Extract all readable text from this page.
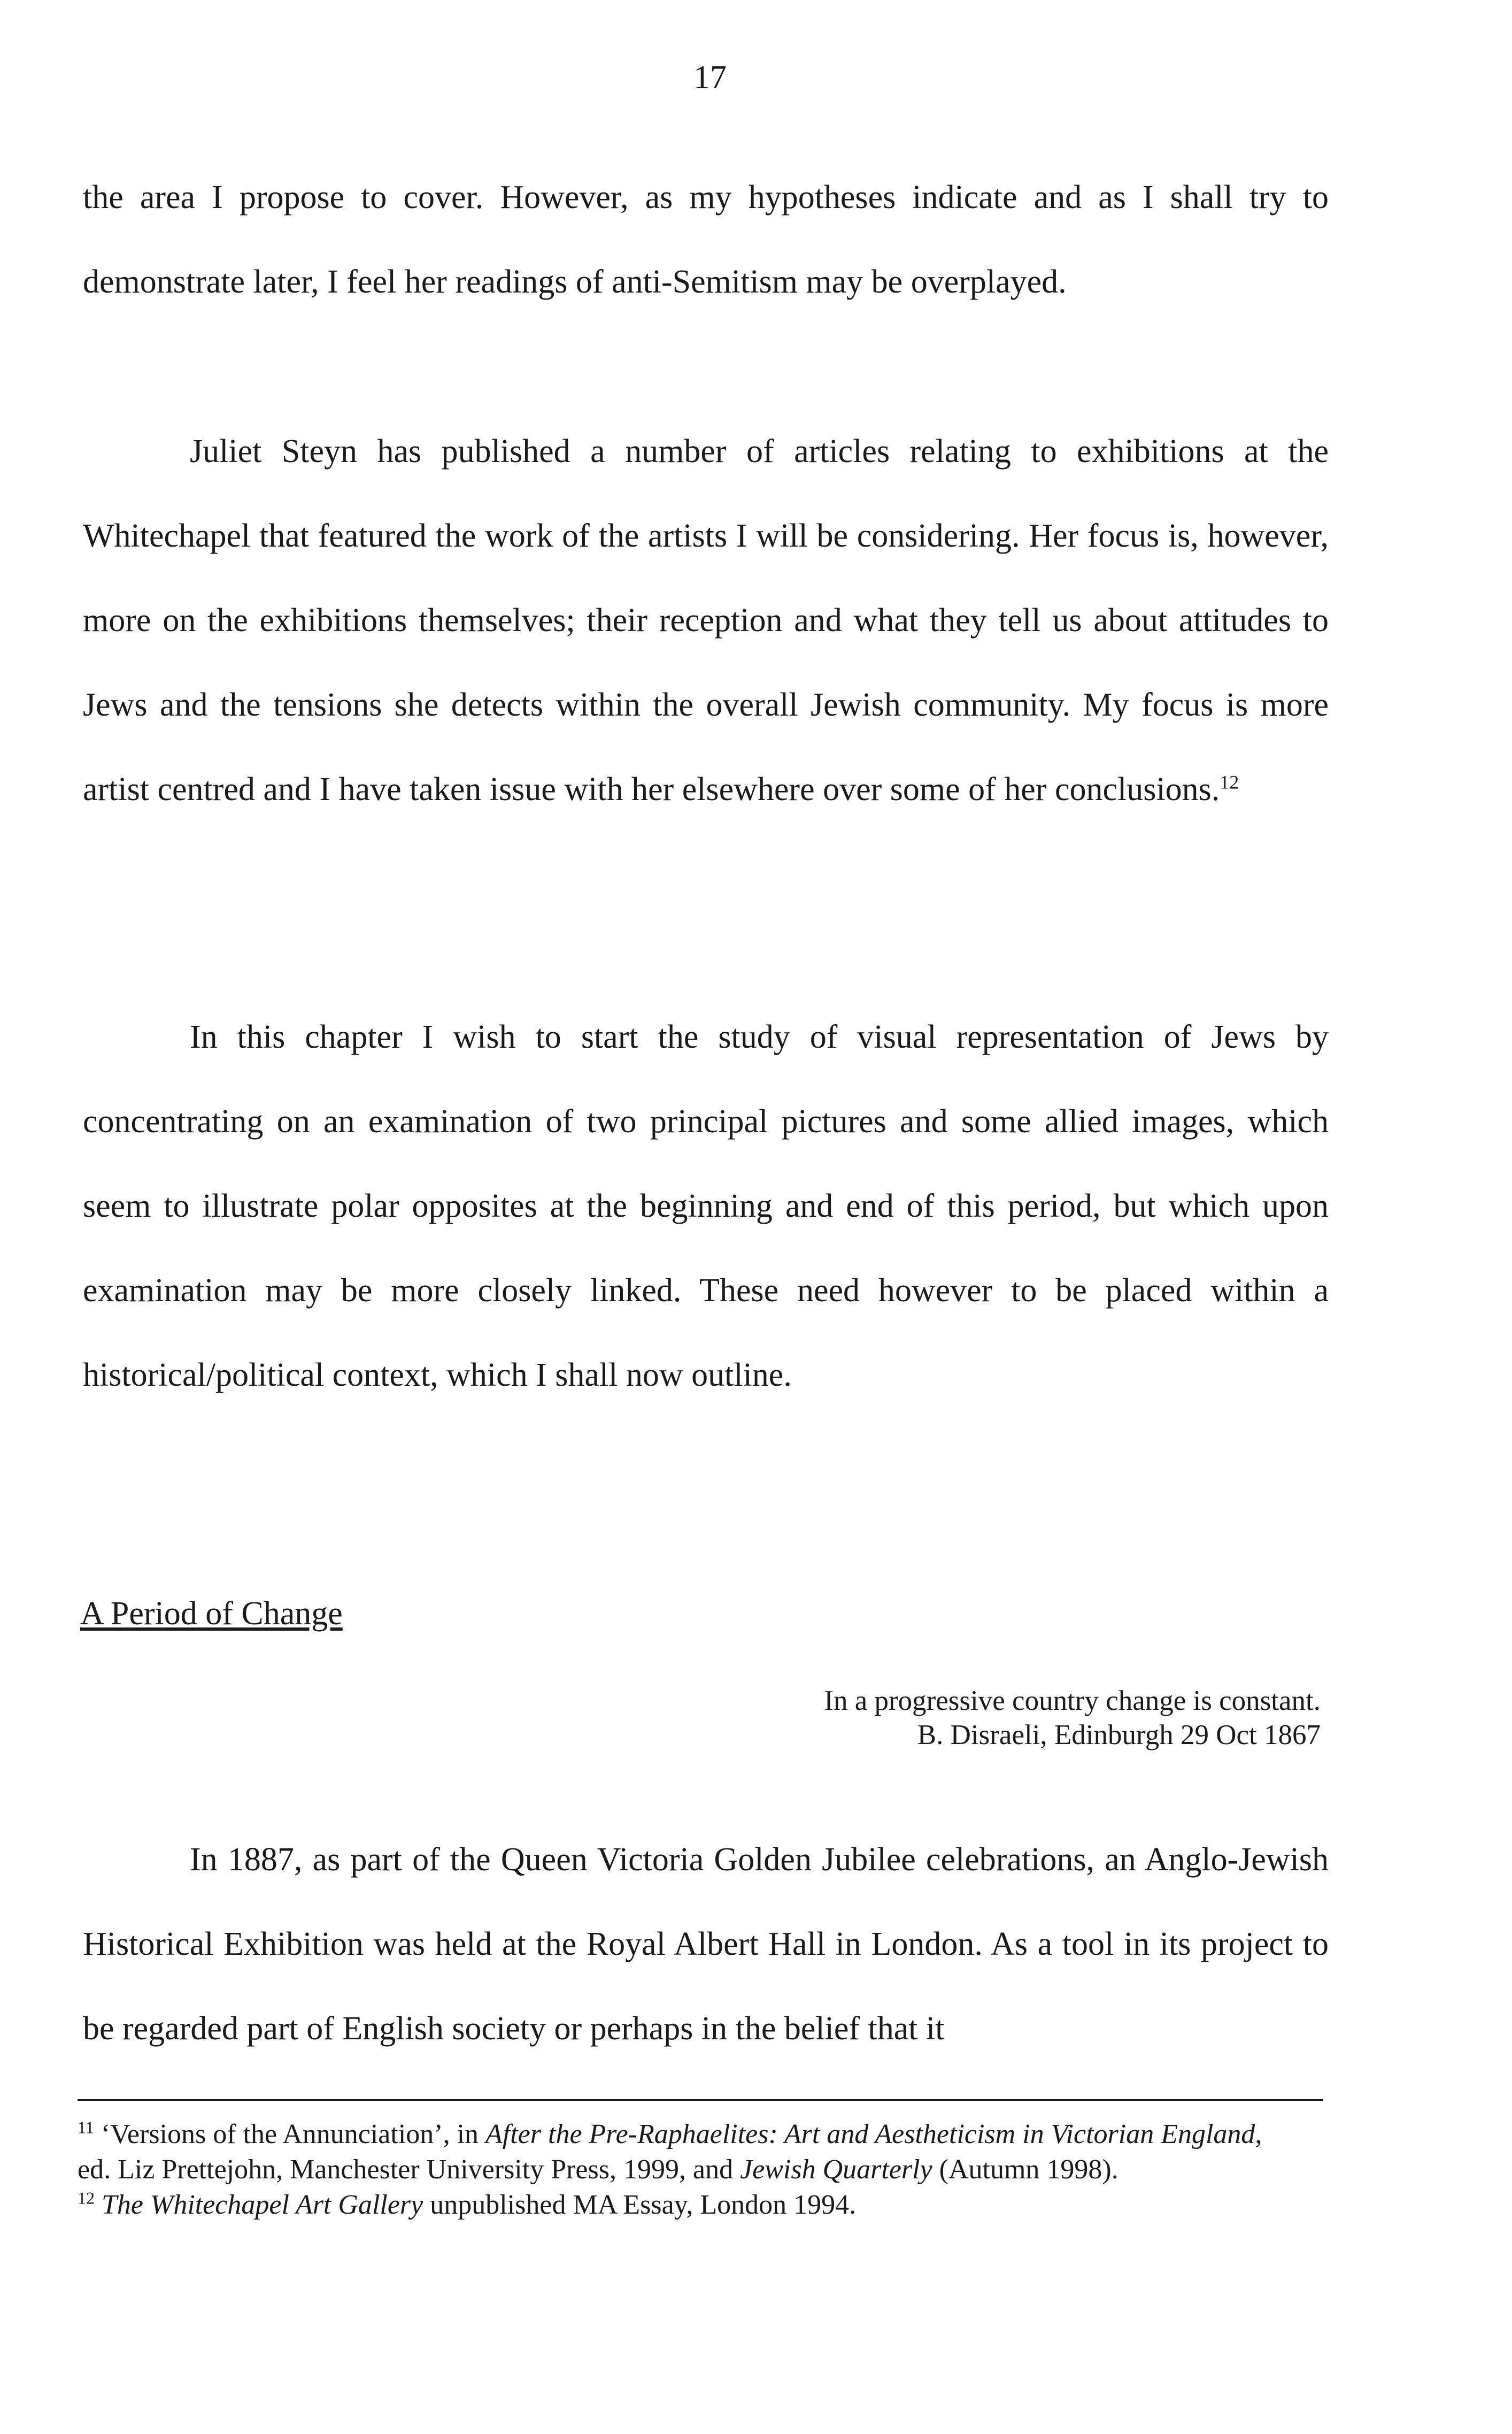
17

the area I propose to cover. However, as my hypotheses indicate and as I shall try to demonstrate later, I feel her readings of anti-Semitism may be overplayed.

Juliet Steyn has published a number of articles relating to exhibitions at the Whitechapel that featured the work of the artists I will be considering. Her focus is, however, more on the exhibitions themselves; their reception and what they tell us about attitudes to Jews and the tensions she detects within the overall Jewish community. My focus is more artist centred and I have taken issue with her elsewhere over some of her conclusions.$^{12}$

In this chapter I wish to start the study of visual representation of Jews by concentrating on an examination of two principal pictures and some allied images, which seem to illustrate polar opposites at the beginning and end of this period, but which upon examination may be more closely linked. These need however to be placed within a historical/political context, which I shall now outline.

A Period of Change
In a progressive country change is constant.
B. Disraeli, Edinburgh 29 Oct 1867

In 1887, as part of the Queen Victoria Golden Jubilee celebrations, an Anglo-Jewish Historical Exhibition was held at the Royal Albert Hall in London. As a tool in its project to be regarded part of English society or perhaps in the belief that it

$^{11}$ ‘Versions of the Annunciation’, in After the Pre-Raphaelites: Art and Aestheticism in Victorian England, ed. Liz Prettejohn, Manchester University Press, 1999, and Jewish Quarterly (Autumn 1998).

$^{12}$ The Whitechapel Art Gallery unpublished MA Essay, London 1994.
